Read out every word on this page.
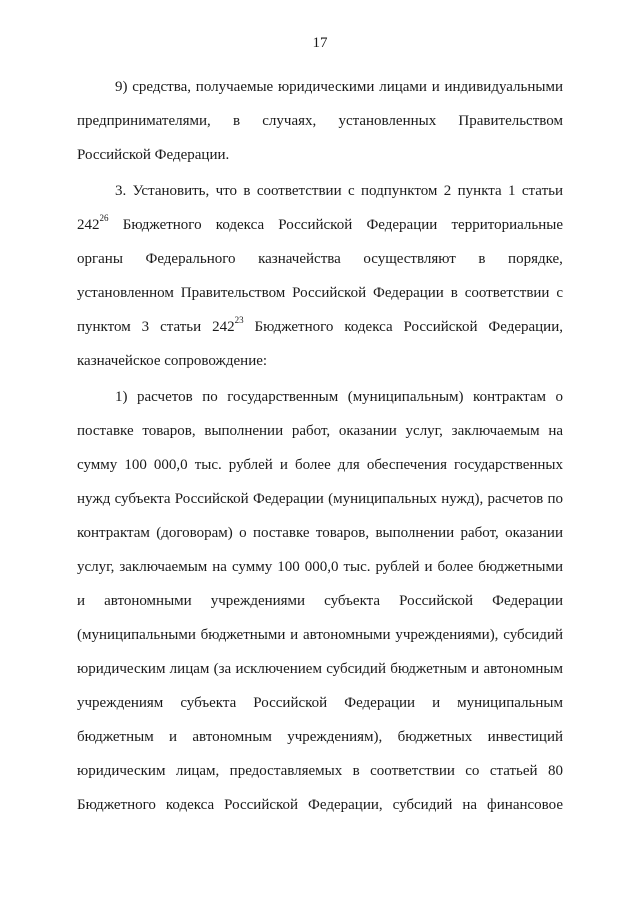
17
9) средства, получаемые юридическими лицами и индивидуальными
предпринимателями, в случаях, установленных Правительством
Российской Федерации.
3. Установить, что в соответствии с подпунктом 2 пункта 1 статьи
$242^{26}$ Бюджетного кодекса Российской Федерации территориальные
органы Федерального казначейства осуществляют в порядке,
установленном Правительством Российской Федерации в соответствии с
пунктом 3 статьи $242^{23}$ Бюджетного кодекса Российской Федерации,
казначейское сопровождение:
1) расчетов по государственным (муниципальным) контрактам о
поставке товаров, выполнении работ, оказании услуг, заключаемым на
сумму 100 000,0 тыс. рублей и более для обеспечения государственных
нужд субъекта Российской Федерации (муниципальных нужд), расчетов по
контрактам (договорам) о поставке товаров, выполнении работ, оказании
услуг, заключаемым на сумму 100 000,0 тыс. рублей и более бюджетными
и автономными учреждениями субъекта Российской Федерации
(муниципальными бюджетными и автономными учреждениями), субсидий
юридическим лицам (за исключением субсидий бюджетным и автономным
учреждениям субъекта Российской Федерации и муниципальным
бюджетным и автономным учреждениям), бюджетных инвестиций
юридическим лицам, предоставляемых в соответствии со статьей 80
Бюджетного кодекса Российской Федерации, субсидий на финансовое
